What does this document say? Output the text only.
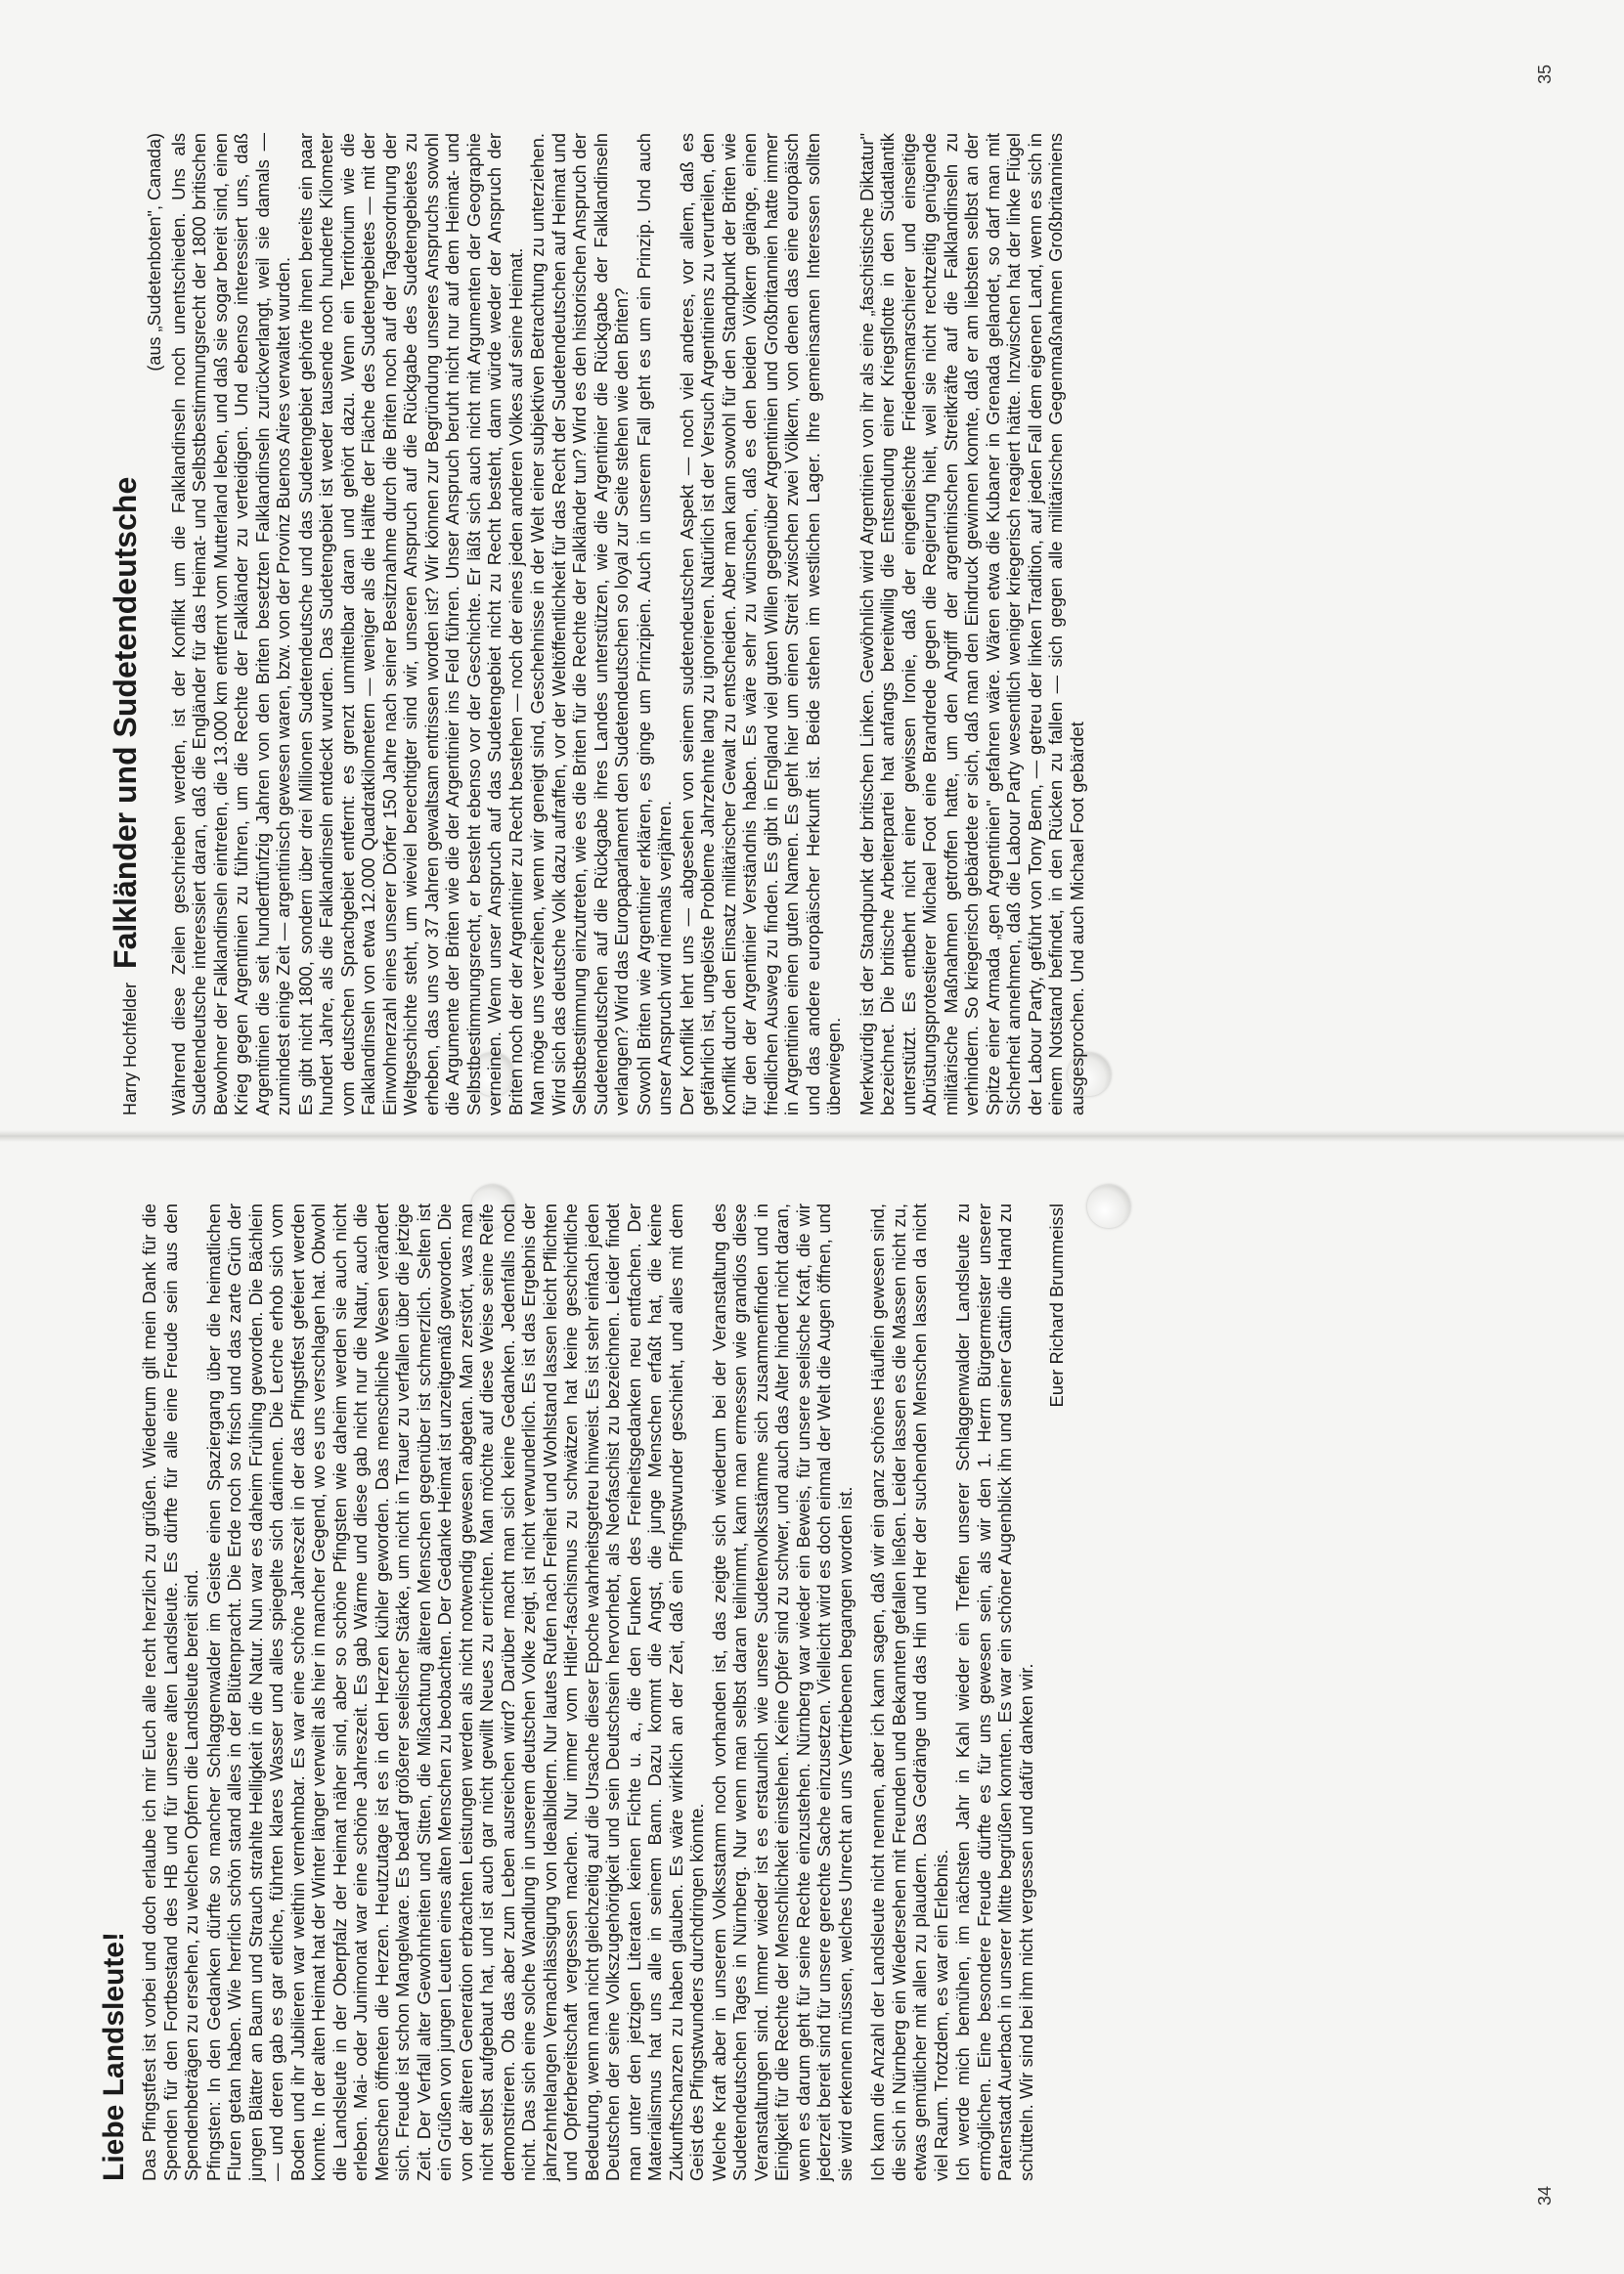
Liebe Landsleute! Das Pfingstfest ist vorbei und doch erlaube ich mir Euch alle recht herzlich zu grüßen. Wiederum gilt mein Dank für die Spenden für den Fortbestand des HB und für unsere alten Landsleute. Es dürfte für alle eine Freude sein aus den Spendenbeträgen zu ersehen, zu welchen Opfern die Landsleute bereit sind. Pfingsten: In den Gedanken dürfte so mancher Schlaggenwalder im Geiste einen Spaziergang über die heimatlichen Fluren getan haben. Wie herrlich schön stand alles in der Blütenpracht. Die Erde roch so frisch und das zarte Grün der jungen Blätter an Baum und Strauch strahlte Helligkeit in die Natur. Nun war es daheim Frühling geworden. Die Bächlein — und deren gab es gar etliche, führten klares Wasser und alles spiegelte sich darinnen. Die Lerche erhob sich vom Boden und ihr Jubilieren war weithin vernehmbar. Es war eine schöne Jahreszeit in der das Pfingstfest gefeiert werden konnte. In der alten Heimat hat der Winter länger verweilt als hier in mancher Gegend, wo es uns verschlagen hat. Obwohl die Landsleute in der Oberpfalz der Heimat näher sind, aber so schöne Pfingsten wie daheim werden sie auch nicht erleben. Mai- oder Junimonat war eine schöne Jahreszeit. Es gab Wärme und diese gab nicht nur die Natur, auch die Menschen öffneten die Herzen. Heutzutage ist es in den Herzen kühler geworden. Das menschliche Wesen verändert sich. Freude ist schon Mangelware. Es bedarf größerer seelischer Stärke, um nicht in Trauer zu verfallen über die jetzige Zeit. Der Verfall alter Gewohnheiten und Sitten, die Mißachtung älteren Menschen gegenüber ist schmerzlich. Selten ist ein Grüßen von jungen Leuten eines alten Menschen zu beobachten. Der Gedanke Heimat ist unzeitgemäß geworden. Die von der älteren Generation erbrachten Leistungen werden als nicht notwendig gewesen abgetan. Man zerstört, was man nicht selbst aufgebaut hat, und ist auch gar nicht gewillt Neues zu errichten. Man möchte auf diese Weise seine Reife demonstrieren. Ob das aber zum Leben ausreichen wird? Darüber macht man sich keine Gedanken. Jedenfalls noch nicht. Das sich eine solche Wandlung in unserem deutschen Volke zeigt, ist nicht verwunderlich. Es ist das Ergebnis der jahrzehntelangen Vernachlässigung von Idealbildern. Nur lautes Rufen nach Freiheit und Wohlstand lassen leicht Pflichten und Opferbereitschaft vergessen machen. Nur immer vom Hitler-faschismus zu schwätzen hat keine geschichtliche Bedeutung, wenn man nicht gleichzeitig auf die Ursache dieser Epoche wahrheitsgetreu hinweist. Es ist sehr einfach jeden Deutschen der seine Volkszugehörigkeit und sein Deutschsein hervorhebt, als Neofaschist zu bezeichnen. Leider findet man unter den jetzigen Literaten keinen Fichte u. a., die den Funken des Freiheitsgedanken neu entfachen. Der Materialismus hat uns alle in seinem Bann. Dazu kommt die Angst, die junge Menschen erfaßt hat, die keine Zukunftschanzen zu haben glauben. Es wäre wirklich an der Zeit, daß ein Pfingstwunder geschieht, und alles mit dem Geist des Pfingstwunders durchdringen könnte. Welche Kraft aber in unserem Volksstamm noch vorhanden ist, das zeigte sich wiederum bei der Veranstaltung des Sudetendeutschen Tages in Nürnberg. Nur wenn man selbst daran teilnimmt, kann man ermessen wie grandios diese Veranstaltungen sind. Immer wieder ist es erstaunlich wie unsere Sudetenvolksstämme sich zusammenfinden und in Einigkeit für die Rechte der Menschlichkeit einstehen. Keine Opfer sind zu schwer, und auch das Alter hindert nicht daran, wenn es darum geht für seine Rechte einzustehen. Nürnberg war wieder ein Beweis, für unsere seelische Kraft, die wir jederzeit bereit sind für unsere gerechte Sache einzusetzen. Vielleicht wird es doch einmal der Welt die Augen öffnen, und sie wird erkennen müssen, welches Unrecht an uns Vertriebenen begangen worden ist. Ich kann die Anzahl der Landsleute nicht nennen, aber ich kann sagen, daß wir ein ganz schönes Häuflein gewesen sind, die sich in Nürnberg ein Wiedersehen mit Freunden und Bekannten gefallen ließen. Leider lassen es die Massen nicht zu, etwas gemütlicher mit allen zu plaudern. Das Gedränge und das Hin und Her der suchenden Menschen lassen da nicht viel Raum. Trotzdem, es war ein Erlebnis. Ich werde mich bemühen, im nächsten Jahr in Kahl wieder ein Treffen unserer Schlaggenwalder Landsleute zu ermöglichen. Eine besondere Freude dürfte es für uns gewesen sein, als wir den 1. Herrn Bürgermeister unserer Patenstadt Auerbach in unserer Mitte begrüßen konnten. Es war ein schöner Augenblick ihn und seiner Gattin die Hand zu schütteln. Wir sind bei ihm nicht vergessen und dafür danken wir.

Euer Richard Brummeissl
Harry Hochfelder
Falkländer und Sudetendeutsche
(aus „Sudetenboten", Canada) Während diese Zeilen geschrieben werden, ist der Konflikt um die Falklandinseln noch unentschieden. Uns als Sudetendeutsche interessiert daran, daß die Engländer für das Heimat- und Selbstbestimmungsrecht der 1800 britischen Bewohner der Falklandinseln eintreten, die 13.000 km entfernt vom Mutterland leben, und daß sie sogar bereit sind, einen Krieg gegen Argentinien zu führen, um die Rechte der Falkländer zu verteidigen. Und ebenso interessiert uns, daß Argentinien die seit hundertfünfzig Jahren von den Briten besetzten Falklandinseln zurückverlangt, weil sie damals — zumindest einige Zeit — argentinisch gewesen waren, bzw. von der Provinz Buenos Aires verwaltet wurden. Es gibt nicht 1800, sondern über drei Millionen Sudetendeutsche und das Sudetengebiet gehörte ihnen bereits ein paar hundert Jahre, als die Falklandinseln entdeckt wurden. Das Sudetengebiet ist weder tausende noch hunderte Kilometer vom deutschen Sprachgebiet entfernt: es grenzt unmittelbar daran und gehört dazu. Wenn ein Territorium wie die Falklandinseln von etwa 12.000 Quadratkilometern — weniger als die Hälfte der Fläche des Sudetengebietes — mit der Einwohnerzahl eines unserer Dörfer 150 Jahre nach seiner Besitznahme durch die Briten noch auf der Tagesordnung der Weltgeschichte steht, um wieviel berechtigter sind wir, unseren Anspruch auf die Rückgabe des Sudetengebietes zu erheben, das uns vor 37 Jahren gewaltsam entrissen worden ist? Wir können zur Begründung unseres Anspruchs sowohl die Argumente der Briten wie die der Argentinier ins Feld führen. Unser Anspruch beruht nicht nur auf dem Heimat- und Selbstbestimmungsrecht, er besteht ebenso vor der Geschichte. Er läßt sich auch nicht mit Argumenten der Geographie verneinen. Wenn unser Anspruch auf das Sudetengebiet nicht zu Recht besteht, dann würde weder der Anspruch der Briten noch der der Argentinier zu Recht bestehen — noch der eines jeden anderen Volkes auf seine Heimat. Man möge uns verzeihen, wenn wir geneigt sind, Geschehnisse in der Welt einer subjektiven Betrachtung zu unterziehen. Wird sich das deutsche Volk dazu aufraffen, vor der Weltöffentlichkeit für das Recht der Sudetendeutschen auf Heimat und Selbstbestimmung einzutreten, wie es die Briten für die Rechte der Falkländer tun? Wird es den historischen Anspruch der Sudetendeutschen auf die Rückgabe ihres Landes unterstützen, wie die Argentinier die Rückgabe der Falklandinseln verlangen? Wird das Europaparlament den Sudetendeutschen so loyal zur Seite stehen wie den Briten? Sowohl Briten wie Argentinier erklären, es ginge um Prinzipien. Auch in unserem Fall geht es um ein Prinzip. Und auch unser Anspruch wird niemals verjähren. Der Konflikt lehrt uns — abgesehen von seinem sudetendeutschen Aspekt — noch viel anderes, vor allem, daß es gefährlich ist, ungelöste Probleme Jahrzehnte lang zu ignorieren. Natürlich ist der Versuch Argentiniens zu verurteilen, den Konflikt durch den Einsatz militärischer Gewalt zu entscheiden. Aber man kann sowohl für den Standpunkt der Briten wie für den der Argentinier Verständnis haben. Es wäre sehr zu wünschen, daß es den beiden Völkern gelänge, einen friedlichen Ausweg zu finden. Es gibt in England viel guten Willen gegenüber Argentinien und Großbritannien hatte immer in Argentinien einen guten Namen. Es geht hier um einen Streit zwischen zwei Völkern, von denen das eine europäisch und das andere europäischer Herkunft ist. Beide stehen im westlichen Lager. Ihre gemeinsamen Interessen sollten überwiegen. Merkwürdig ist der Standpunkt der britischen Linken. Gewöhnlich wird Argentinien von ihr als eine „faschistische Diktatur" bezeichnet. Die britische Arbeiterpartei hat anfangs bereitwillig die Entsendung einer Kriegsflotte in den Südatlantik unterstützt. Es entbehrt nicht einer gewissen Ironie, daß der eingefleischte Friedensmarschierer und einseitige Abrüstungsprotestierer Michael Foot eine Brandrede gegen die Regierung hielt, weil sie nicht rechtzeitig genügende militärische Maßnahmen getroffen hatte, um den Angriff der argentinischen Streitkräfte auf die Falklandinseln zu verhindern. So kriegerisch gebärdete er sich, daß man den Eindruck gewinnen konnte, daß er am liebsten selbst an der Spitze einer Armada „gen Argentinien" gefahren wäre. Wären etwa die Kubaner in Grenada gelandet, so darf man mit Sicherheit annehmen, daß die Labour Party wesentlich weniger kriegerisch reagiert hätte. Inzwischen hat der linke Flügel der Labour Party, geführt von Tony Benn, — getreu der linken Tradition, auf jeden Fall dem eigenen Land, wenn es sich in einem Notstand befindet, in den Rücken zu fallen — sich gegen alle militärischen Gegenmaßnahmen Großbritanniens ausgesprochen. Und auch Michael Foot gebärdet

34
35
